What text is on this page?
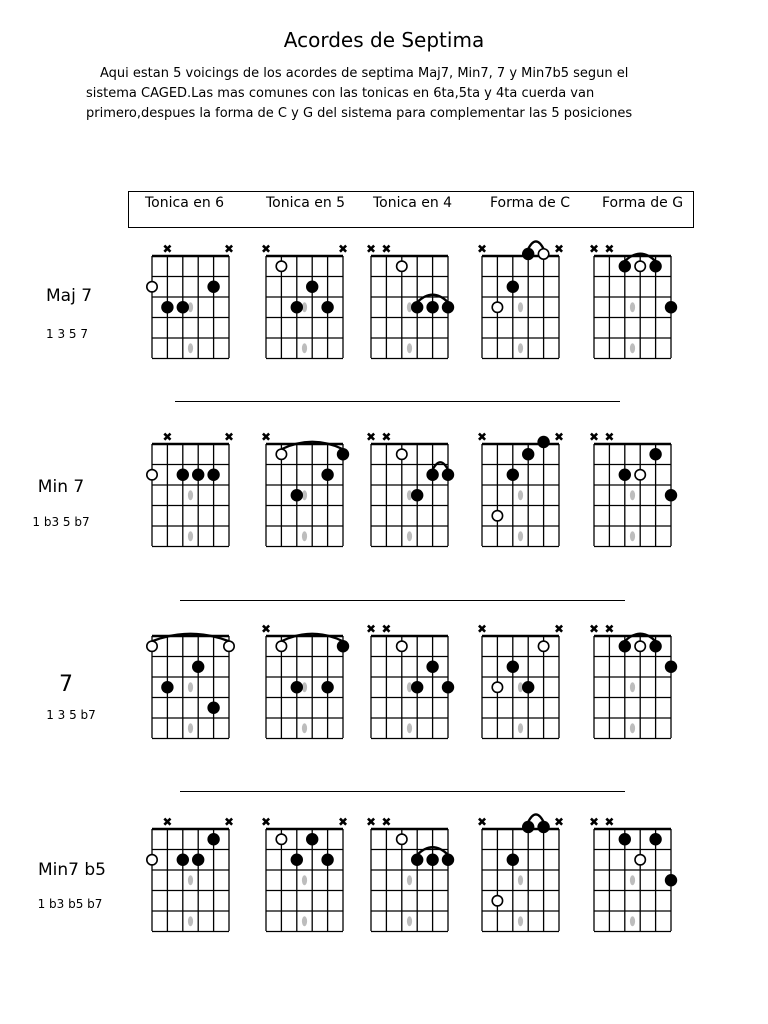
Acordes de Septima

Aqui estan 5 voicings de los acordes de septima Maj7, Min7, 7 y Min7b5 segun el

sistema CAGED.Las mas comunes con las tonicas en 6ta,5ta y 4ta cuerda van

primero,despues la forma de C y G del sistema para complementar las 5 posiciones

Tonica en 6	Tonica en 5 Tonica en 4	Forma de C Forma de G
Maj 7
1 3 5 7
Min 7
1 b3 5 b7
7
1 3 5 b7
Min7 b5
1 b3 b5 b7
✖	✖ ✖	✖ ✖ ✖	✖	✖ ✖ ✖
✖	✖ ✖	✖ ✖	✖	✖ ✖ ✖
✖	✖ ✖	✖	✖ ✖ ✖
✖	✖ ✖	✖ ✖ ✖	✖	✖ ✖ ✖
